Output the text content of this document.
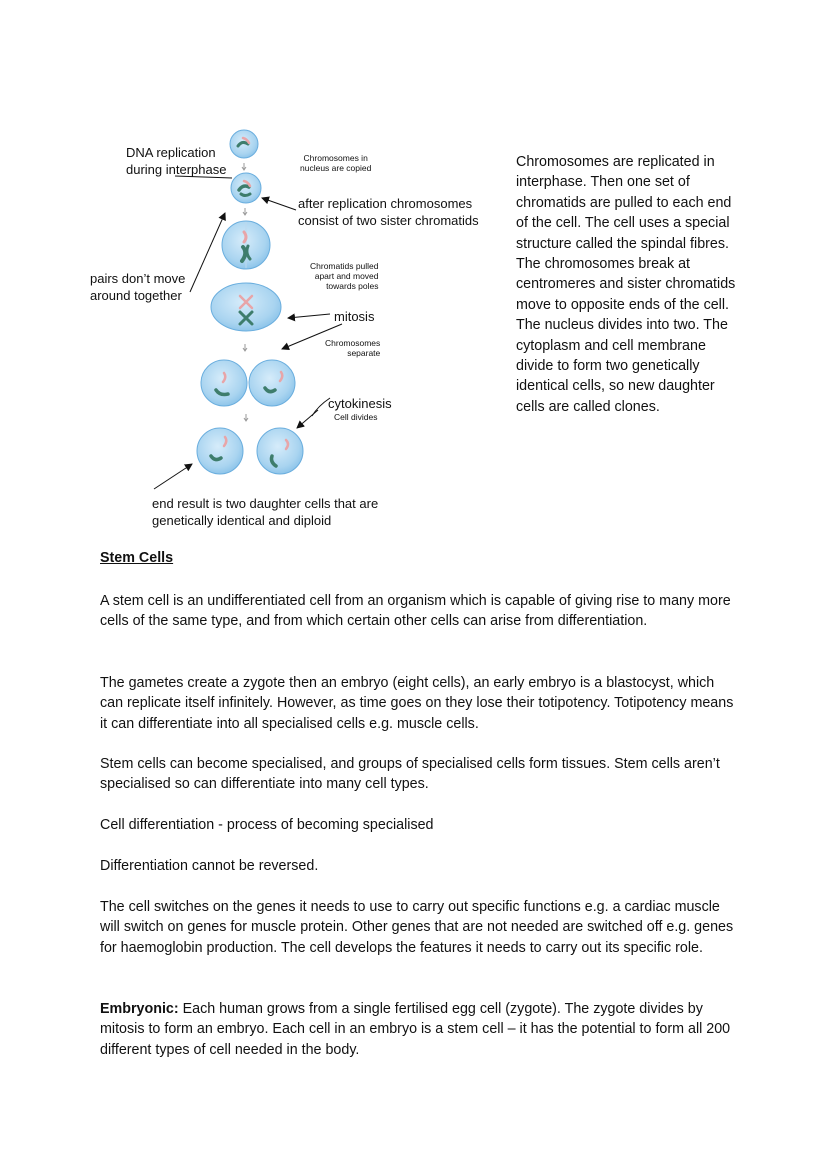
DNA replication
during interphase
after replication chromosomes
consist of two sister chromatids
pairs don’t move
around together
mitosis
cytokinesis
end result is two daughter cells that are
genetically identical and diploid
Chromosomes in
nucleus are copied
Chromatids pulled
apart and moved
towards poles
Chromosomes
separate
Cell divides
Chromosomes are replicated in interphase. Then one set of chromatids are pulled to each end of the cell. The cell uses a special structure called the spindal fibres. The chromosomes break at centromeres and sister chromatids move to opposite ends of the cell. The nucleus divides into two. The cytoplasm and cell membrane divide to form two genetically identical cells, so new daughter cells are called clones.
Stem Cells

A stem cell is an undifferentiated cell from an organism which is capable of giving rise to many more cells of the same type, and from which certain other cells can arise from differentiation.

The gametes create a zygote then an embryo (eight cells), an early embryo is a blastocyst, which can replicate itself infinitely. However, as time goes on they lose their totipotency. Totipotency means it can differentiate into all specialised cells e.g. muscle cells.

Stem cells can become specialised, and groups of specialised cells form tissues. Stem cells aren’t specialised so can differentiate into many cell types.

Cell differentiation - process of becoming specialised

Differentiation cannot be reversed.

The cell switches on the genes it needs to use to carry out specific functions e.g. a cardiac muscle will switch on genes for muscle protein. Other genes that are not needed are switched off e.g. genes for haemoglobin production. The cell develops the features it needs to carry out its specific role.

Embryonic: Each human grows from a single fertilised egg cell (zygote). The zygote divides by mitosis to form an embryo. Each cell in an embryo is a stem cell – it has the potential to form all 200 different types of cell needed in the body.
